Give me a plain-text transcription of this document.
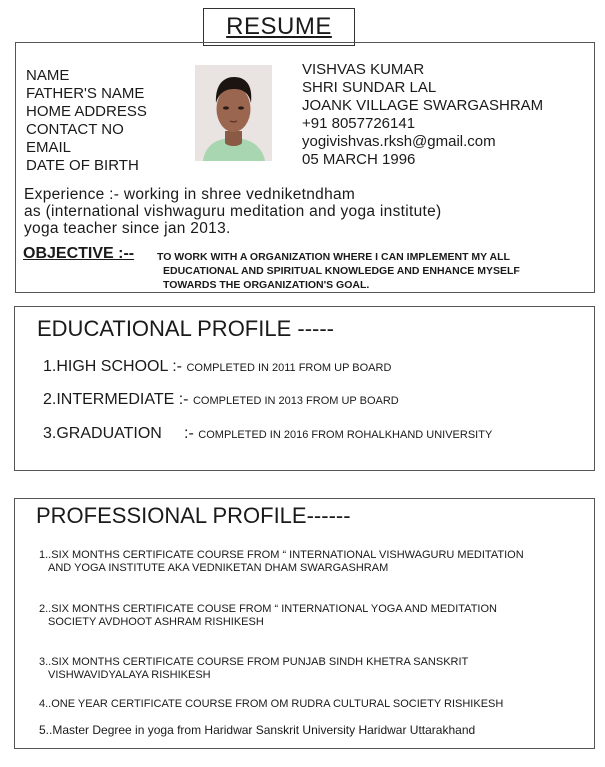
RESUME
NAME
FATHER'S NAME
HOME ADDRESS
CONTACT NO
EMAIL
DATE OF BIRTH
VISHVAS KUMAR
SHRI SUNDAR LAL
JOANK VILLAGE SWARGASHRAM
+91 8057726141
yogivishvas.rksh@gmail.com
05 MARCH 1996
Experience :- working in shree vedniketndham
as (international vishwaguru meditation and yoga institute)
yoga teacher since jan 2013.
OBJECTIVE :-- TO WORK WITH A ORGANIZATION WHERE I CAN IMPLEMENT MY ALL
EDUCATIONAL AND SPIRITUAL KNOWLEDGE AND ENHANCE MYSELF
TOWARDS THE ORGANIZATION'S GOAL.
EDUCATIONAL PROFILE -----
1.HIGH SCHOOL :- COMPLETED IN 2011 FROM UP BOARD
2.INTERMEDIATE :- COMPLETED IN 2013 FROM UP BOARD
3.GRADUATION     :- COMPLETED IN 2016 FROM ROHALKHAND UNIVERSITY
PROFESSIONAL PROFILE------
1..SIX MONTHS CERTIFICATE COURSE FROM “ INTERNATIONAL VISHWAGURU MEDITATION
AND YOGA INSTITUTE AKA VEDNIKETAN DHAM SWARGASHRAM
2..SIX MONTHS CERTIFICATE COUSE FROM “ INTERNATIONAL YOGA AND MEDITATION
SOCIETY AVDHOOT ASHRAM RISHIKESH
3..SIX MONTHS CERTIFICATE COURSE FROM PUNJAB SINDH KHETRA SANSKRIT
VISHWAVIDYALAYA RISHIKESH
4..ONE YEAR CERTIFICATE COURSE FROM OM RUDRA CULTURAL SOCIETY RISHIKESH
5..Master Degree in yoga from Haridwar Sanskrit University Haridwar Uttarakhand
